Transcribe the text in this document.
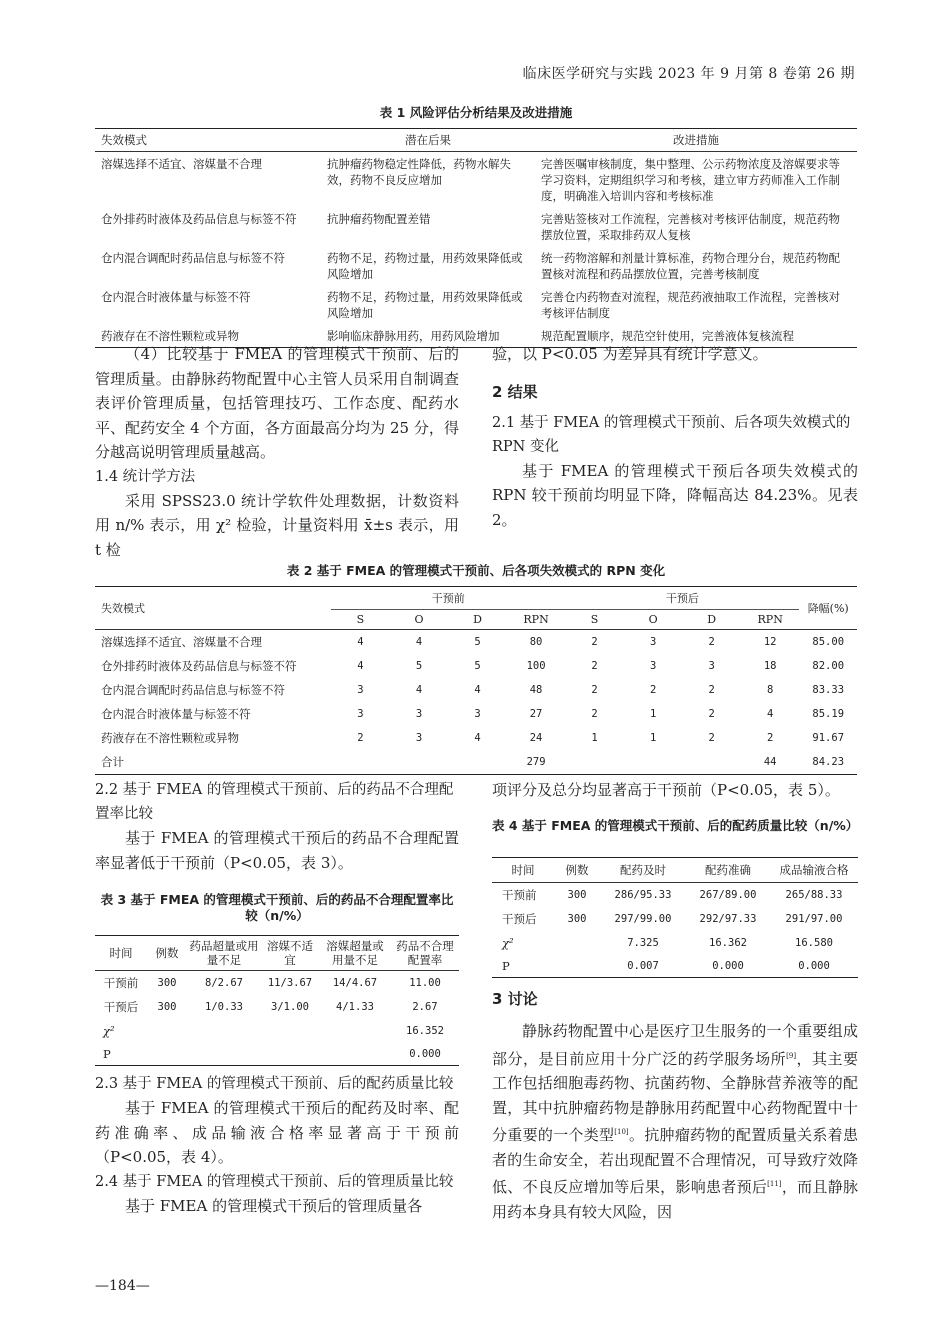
临床医学研究与实践 2023 年 9 月第 8 卷第 26 期
表 1 风险评估分析结果及改进措施
失效模式	潜在后果	改进措施
溶媒选择不适宜、溶媒量不合理	抗肿瘤药物稳定性降低，药物水解失效，药物不良反应增加	完善医嘱审核制度，集中整理、公示药物浓度及溶媒要求等学习资料，定期组织学习和考核，建立审方药师准入工作制度，明确准入培训内容和考核标准
仓外排药时液体及药品信息与标签不符	抗肿瘤药物配置差错	完善贴签核对工作流程，完善核对考核评估制度，规范药物摆放位置，采取排药双人复核
仓内混合调配时药品信息与标签不符	药物不足，药物过量，用药效果降低或风险增加	统一药物溶解和剂量计算标准，药物合理分台，规范药物配置核对流程和药品摆放位置，完善考核制度
仓内混合时液体量与标签不符	药物不足，药物过量，用药效果降低或风险增加	完善仓内药物查对流程，规范药液抽取工作流程，完善核对考核评估制度
药液存在不溶性颗粒或异物	影响临床静脉用药，用药风险增加	规范配置顺序，规范空针使用，完善液体复核流程
（4）比较基于 FMEA 的管理模式干预前、后的管理质量。由静脉药物配置中心主管人员采用自制调查表评价管理质量，包括管理技巧、工作态度、配药水平、配药安全 4 个方面，各方面最高分均为 25 分，得分越高说明管理质量越高。
1.4 统计学方法
采用 SPSS23.0 统计学软件处理数据，计数资料用 n/% 表示，用 χ² 检验，计量资料用 x̄±s 表示，用 t 检
验，以 P<0.05 为差异具有统计学意义。
2 结果
2.1 基于 FMEA 的管理模式干预前、后各项失效模式的 RPN 变化
基于 FMEA 的管理模式干预后各项失效模式的 RPN 较干预前均明显下降，降幅高达 84.23%。见表 2。
表 2 基于 FMEA 的管理模式干预前、后各项失效模式的 RPN 变化
失效模式	干预前				干预后				降幅(%)
	S	O	D	RPN	S	O	D	RPN	
溶媒选择不适宜、溶媒量不合理	4	4	5	80	2	3	2	12	85.00
仓外排药时液体及药品信息与标签不符	4	5	5	100	2	3	3	18	82.00
仓内混合调配时药品信息与标签不符	3	4	4	48	2	2	2	8	83.33
仓内混合时液体量与标签不符	3	3	3	27	2	1	2	4	85.19
药液存在不溶性颗粒或异物	2	3	4	24	1	1	2	2	91.67
合计				279				44	84.23
2.2 基于 FMEA 的管理模式干预前、后的药品不合理配置率比较
基于 FMEA 的管理模式干预后的药品不合理配置率显著低于干预前（P<0.05，表 3）。
表 3 基于 FMEA 的管理模式干预前、后的药品不合理配置率比较（n/%）
时间	例数	药品超量或用量不足	溶媒不适宜	溶媒超量或用量不足	药品不合理配置率
干预前	300	8/2.67	11/3.67	14/4.67	11.00
干预后	300	1/0.33	3/1.00	4/1.33	2.67
χ²					16.352
P					0.000
2.3 基于 FMEA 的管理模式干预前、后的配药质量比较
基于 FMEA 的管理模式干预后的配药及时率、配药准确率、成品输液合格率显著高于干预前（P<0.05，表 4）。
2.4 基于 FMEA 的管理模式干预前、后的管理质量比较
基于 FMEA 的管理模式干预后的管理质量各
项评分及总分均显著高于干预前（P<0.05，表 5）。
表 4 基于 FMEA 的管理模式干预前、后的配药质量比较（n/%）
时间	例数	配药及时	配药准确	成品输液合格
干预前	300	286/95.33	267/89.00	265/88.33
干预后	300	297/99.00	292/97.33	291/97.00
χ²		7.325	16.362	16.580
P		0.007	0.000	0.000
3 讨论
静脉药物配置中心是医疗卫生服务的一个重要组成部分，是目前应用十分广泛的药学服务场所[9]，其主要工作包括细胞毒药物、抗菌药物、全静脉营养液等的配置，其中抗肿瘤药物是静脉用药配置中心药物配置中十分重要的一个类型[10]。抗肿瘤药物的配置质量关系着患者的生命安全，若出现配置不合理情况，可导致疗效降低、不良反应增加等后果，影响患者预后[11]，而且静脉用药本身具有较大风险，因
—184—
